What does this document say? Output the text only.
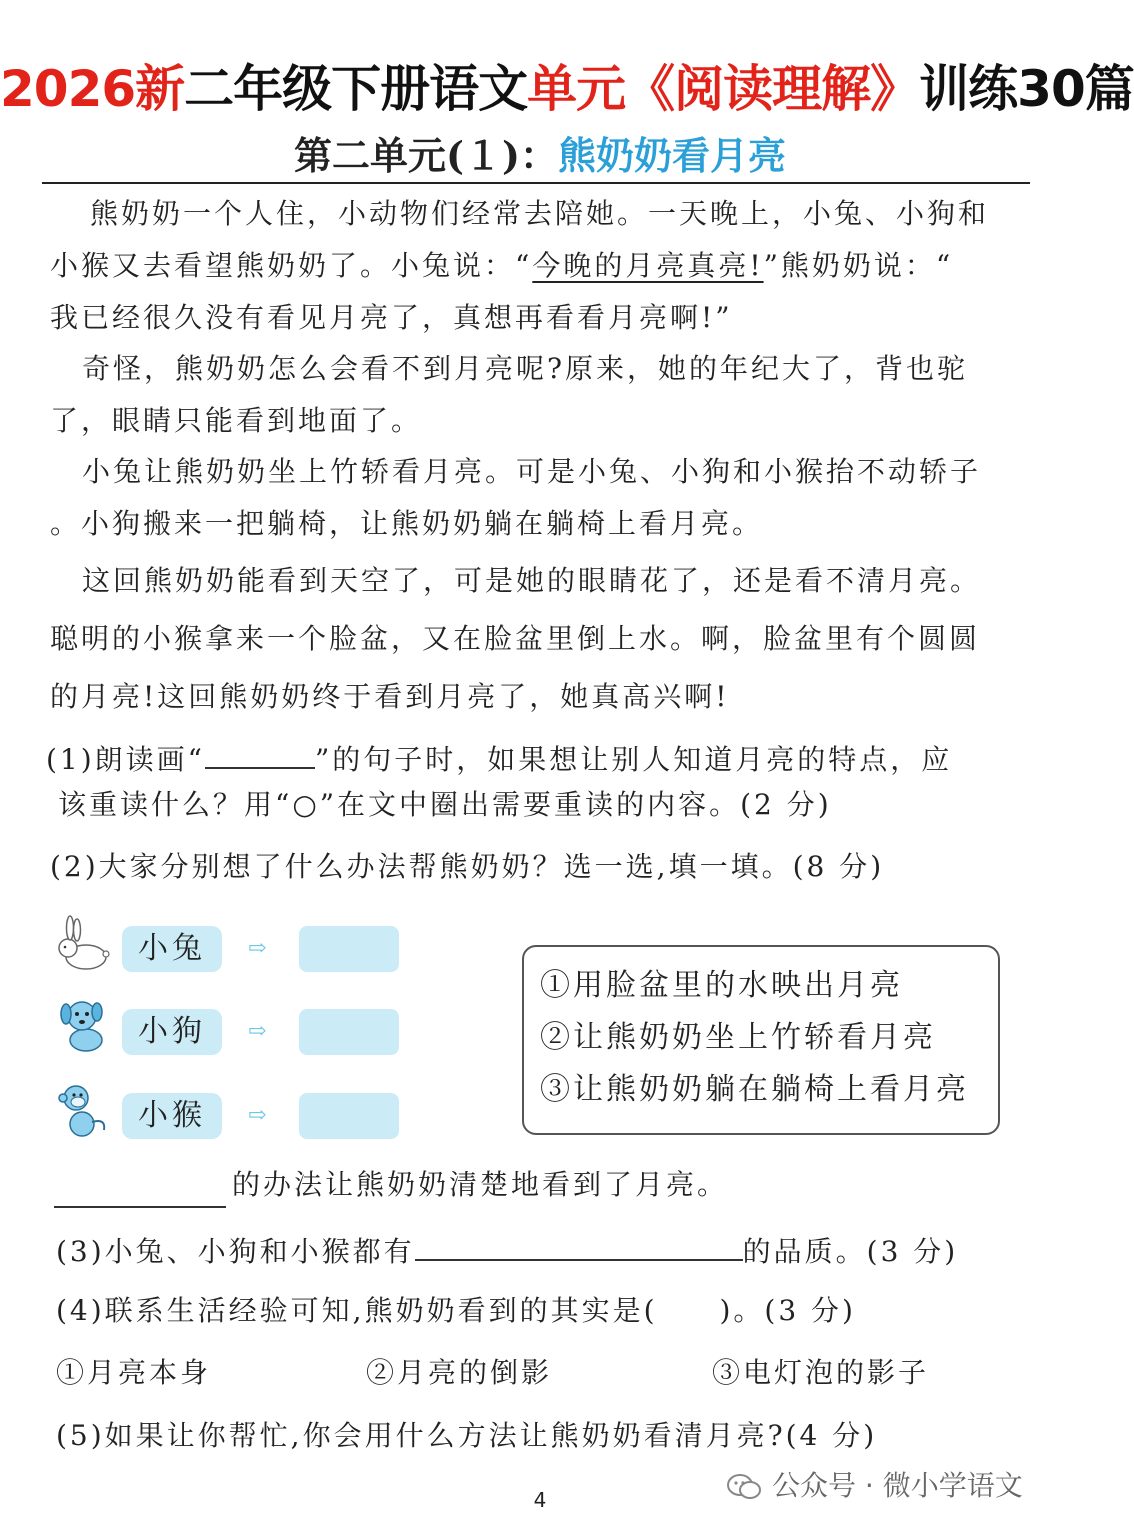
2026新二年级下册语文单元《阅读理解》训练30篇
第二单元(１)：熊奶奶看月亮
熊奶奶一个人住，小动物们经常去陪她。一天晚上，小兔、小狗和
小猴又去看望熊奶奶了。小兔说：“今晚的月亮真亮!”熊奶奶说：“
我已经很久没有看见月亮了，真想再看看月亮啊!”
奇怪，熊奶奶怎么会看不到月亮呢?原来，她的年纪大了，背也驼
了，眼睛只能看到地面了。
小兔让熊奶奶坐上竹轿看月亮。可是小兔、小狗和小猴抬不动轿子
。小狗搬来一把躺椅，让熊奶奶躺在躺椅上看月亮。
这回熊奶奶能看到天空了，可是她的眼睛花了，还是看不清月亮。
聪明的小猴拿来一个脸盆，又在脸盆里倒上水。啊，脸盆里有个圆圆
的月亮!这回熊奶奶终于看到月亮了，她真高兴啊!
(1)朗读画“	”的句子时，如果想让别人知道月亮的特点，应
该重读什么？用“○”在文中圈出需要重读的内容。(2 分)
(2)大家分别想了什么办法帮熊奶奶？选一选,填一填。(8 分)
小兔	⇨
小狗	⇨
小猴	⇨
①用脸盆里的水映出月亮
②让熊奶奶坐上竹轿看月亮
③让熊奶奶躺在躺椅上看月亮
的办法让熊奶奶清楚地看到了月亮。
(3)小兔、小狗和小猴都有	的品质。(3 分)
(4)联系生活经验可知,熊奶奶看到的其实是(　　)。(3 分)
①月亮本身	②月亮的倒影	③电灯泡的影子
(5)如果让你帮忙,你会用什么方法让熊奶奶看清月亮?(4 分)
公众号 · 微小学语文
4
